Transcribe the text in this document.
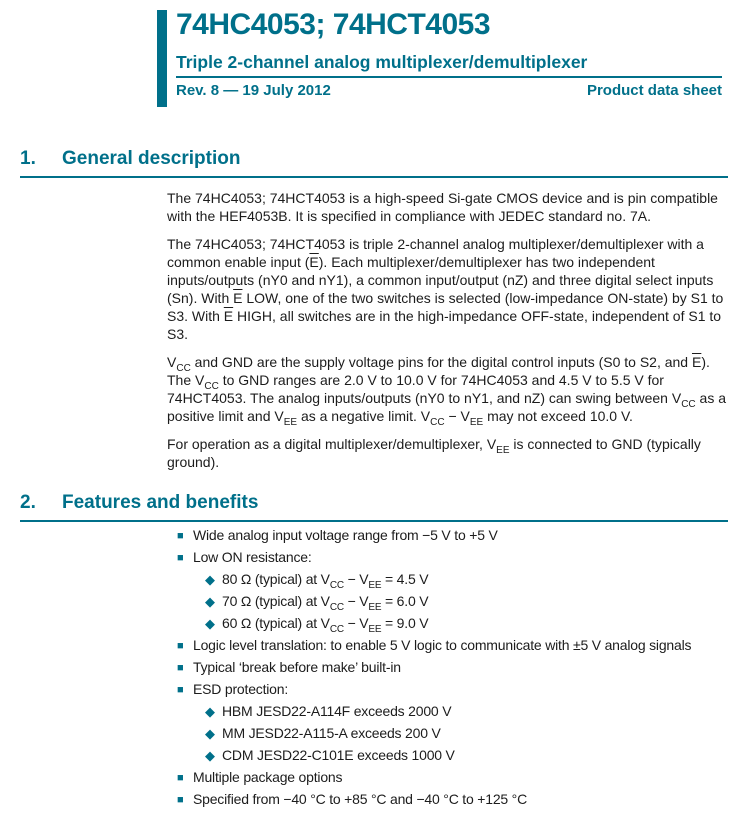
74HC4053; 74HCT4053
Triple 2-channel analog multiplexer/demultiplexer
Rev. 8 — 19 July 2012	Product data sheet
1.	General description

The 74HC4053; 74HCT4053 is a high-speed Si-gate CMOS device and is pin compatible with the HEF4053B. It is specified in compliance with JEDEC standard no. 7A.

The 74HC4053; 74HCT4053 is triple 2-channel analog multiplexer/demultiplexer with a common enable input $(\overline{E})$. Each multiplexer/demultiplexer has two independent inputs/outputs (nY0 and nY1), a common input/output (nZ) and three digital select inputs (Sn). With $\overline{E}$ LOW, one of the two switches is selected (low-impedance ON-state) by S1 to S3. With $\overline{E}$ HIGH, all switches are in the high-impedance OFF-state, independent of S1 to S3.

$V_{CC}$ and GND are the supply voltage pins for the digital control inputs (S0 to S2, and $\overline{E}$). The $V_{CC}$ to GND ranges are 2.0 V to 10.0 V for 74HC4053 and 4.5 V to 5.5 V for 74HCT4053. The analog inputs/outputs (nY0 to nY1, and nZ) can swing between $V_{CC}$ as a positive limit and $V_{EE}$ as a negative limit. $V_{CC} - V_{EE}$ may not exceed 10.0 V.

For operation as a digital multiplexer/demultiplexer, $V_{EE}$ is connected to GND (typically ground).

2.	Features and benefits
■ Wide analog input voltage range from −5 V to +5 V
■ Low ON resistance:
◆ 80 Ω (typical) at $V_{CC} - V_{EE} = 4.5$ V
◆ 70 Ω (typical) at $V_{CC} - V_{EE} = 6.0$ V
◆ 60 Ω (typical) at $V_{CC} - V_{EE} = 9.0$ V
■ Logic level translation: to enable 5 V logic to communicate with ±5 V analog signals
■ Typical ‘break before make’ built-in
■ ESD protection:
◆ HBM JESD22-A114F exceeds 2000 V
◆ MM JESD22-A115-A exceeds 200 V
◆ CDM JESD22-C101E exceeds 1000 V
■ Multiple package options
■ Specified from −40 °C to +85 °C and −40 °C to +125 °C
